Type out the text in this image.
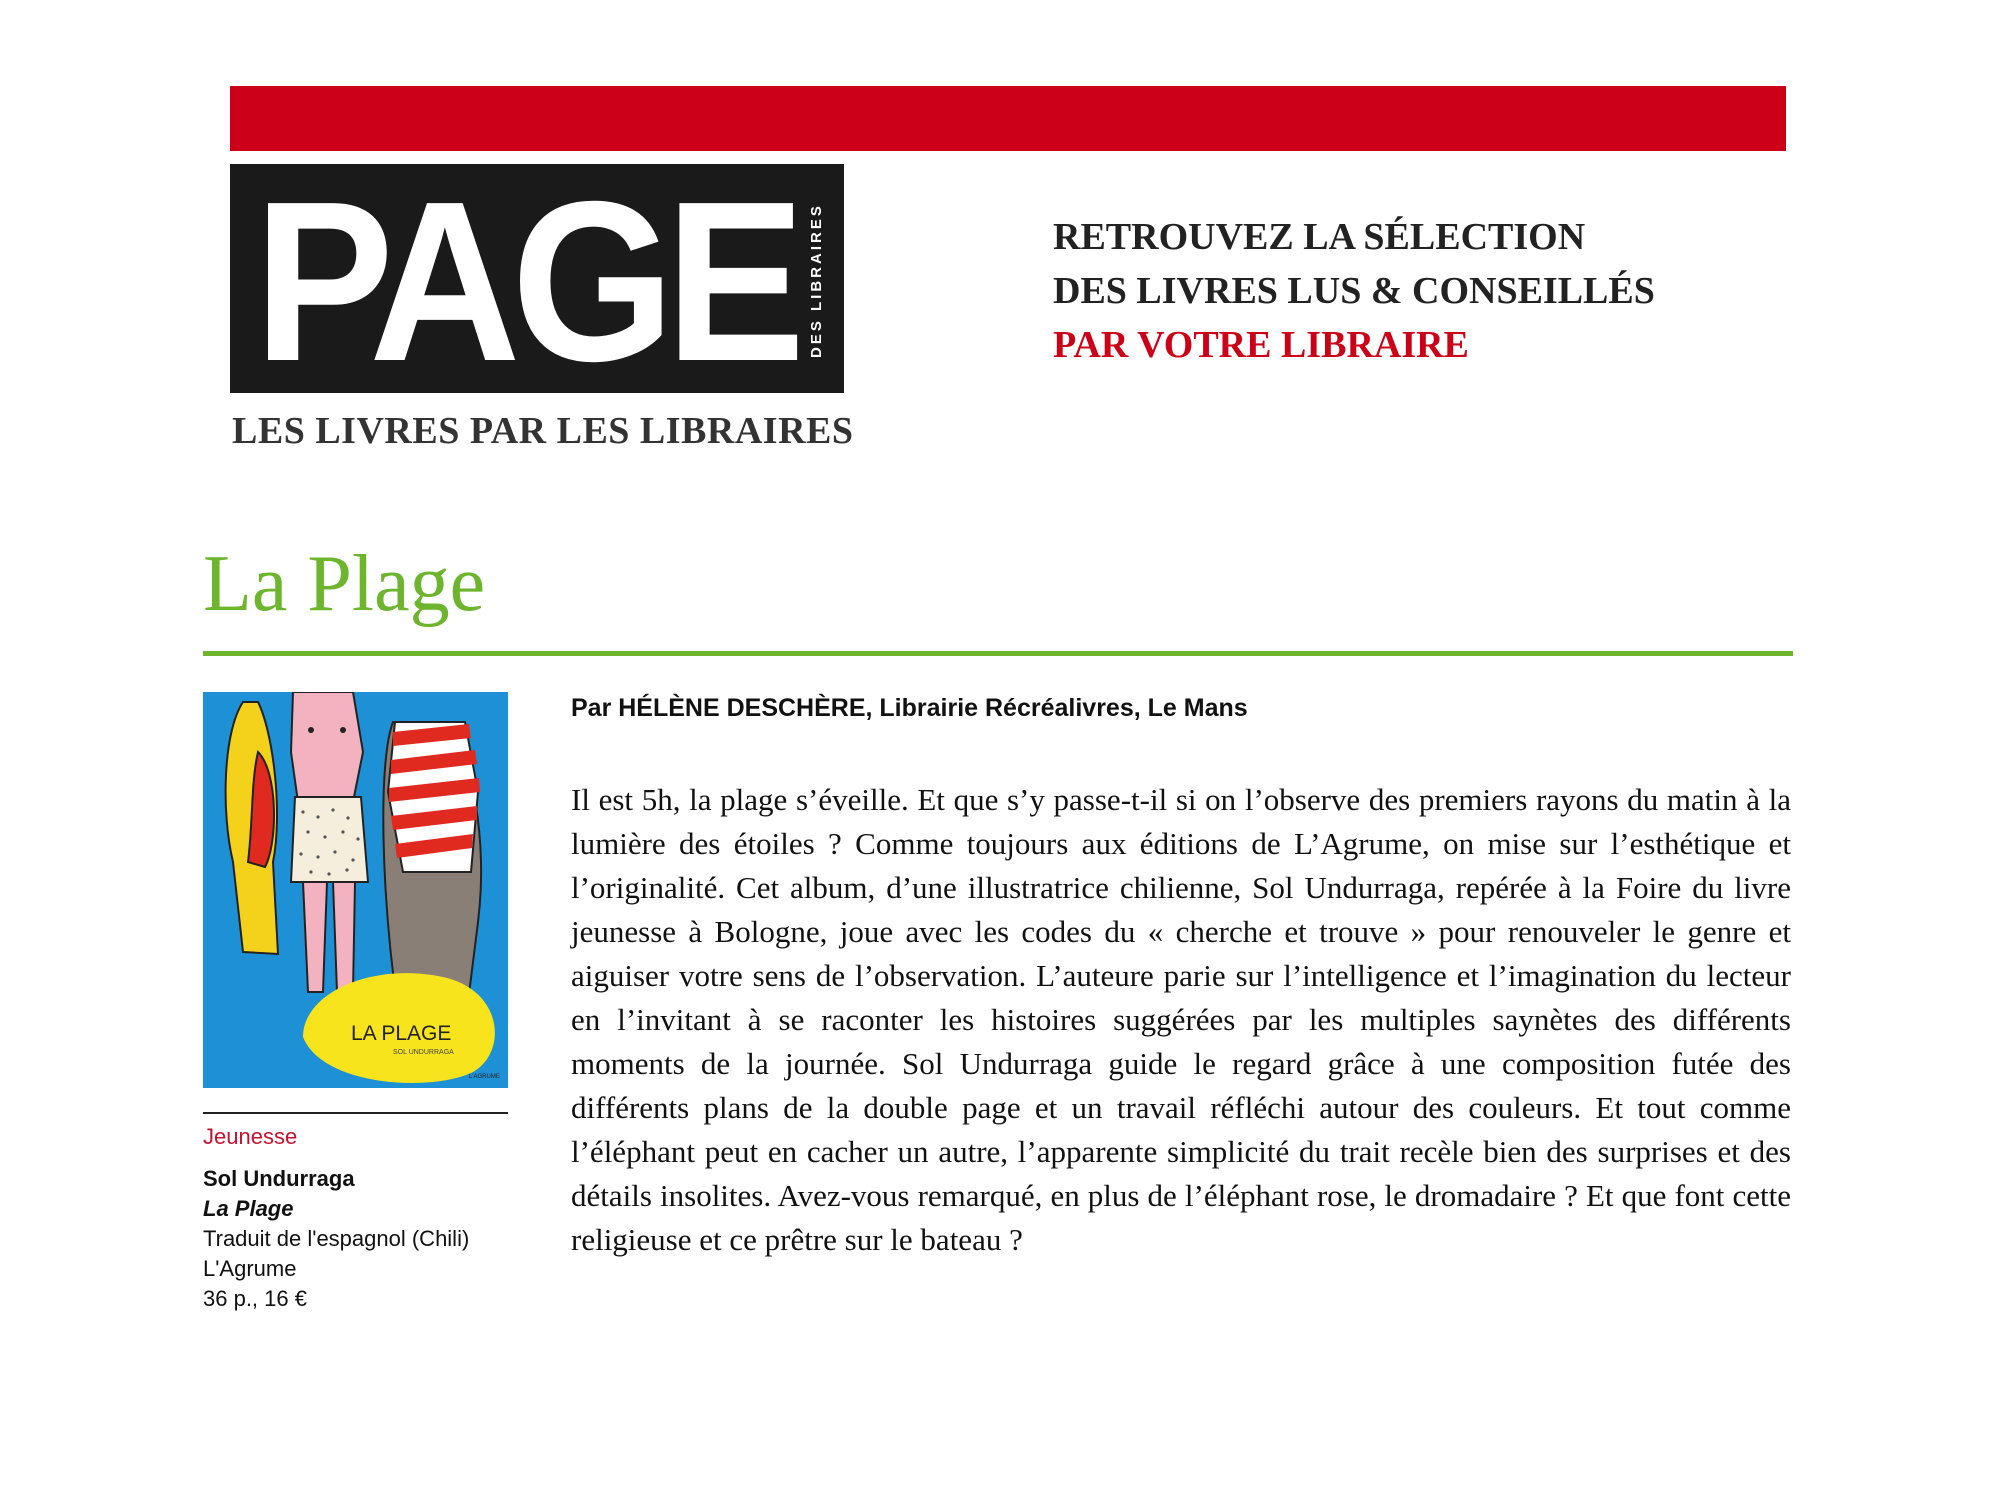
PAGE DES LIBRAIRES
LES LIVRES PAR LES LIBRAIRES
RETROUVEZ LA SÉLECTION
DES LIVRES LUS & CONSEILLÉS
PAR VOTRE LIBRAIRE
La Plage
LA PLAGE
SOL UNDURRAGA
L'AGRUME
Jeunesse
Sol Undurraga
La Plage
Traduit de l'espagnol (Chili)
L'Agrume
36 p., 16 €
Par HÉLÈNE DESCHÈRE, Librairie Récréalivres, Le Mans
Il est 5h, la plage s’éveille. Et que s’y passe-t-il si on l’observe des premiers rayons du matin à la lumière des étoiles ? Comme toujours aux éditions de L’Agrume, on mise sur l’esthétique et l’originalité. Cet album, d’une illustratrice chilienne, Sol Undurraga, repérée à la Foire du livre jeunesse à Bologne, joue avec les codes du « cherche et trouve » pour renouveler le genre et aiguiser votre sens de l’observation. L’auteure parie sur l’intelligence et l’imagination du lecteur en l’invitant à se raconter les histoires suggérées par les multiples saynètes des différents moments de la journée. Sol Undurraga guide le regard grâce à une composition futée des différents plans de la double page et un travail réfléchi autour des couleurs. Et tout comme l’éléphant peut en cacher un autre, l’apparente simplicité du trait recèle bien des surprises et des détails insolites. Avez-vous remarqué, en plus de l’éléphant rose, le dromadaire ? Et que font cette religieuse et ce prêtre sur le bateau ?
